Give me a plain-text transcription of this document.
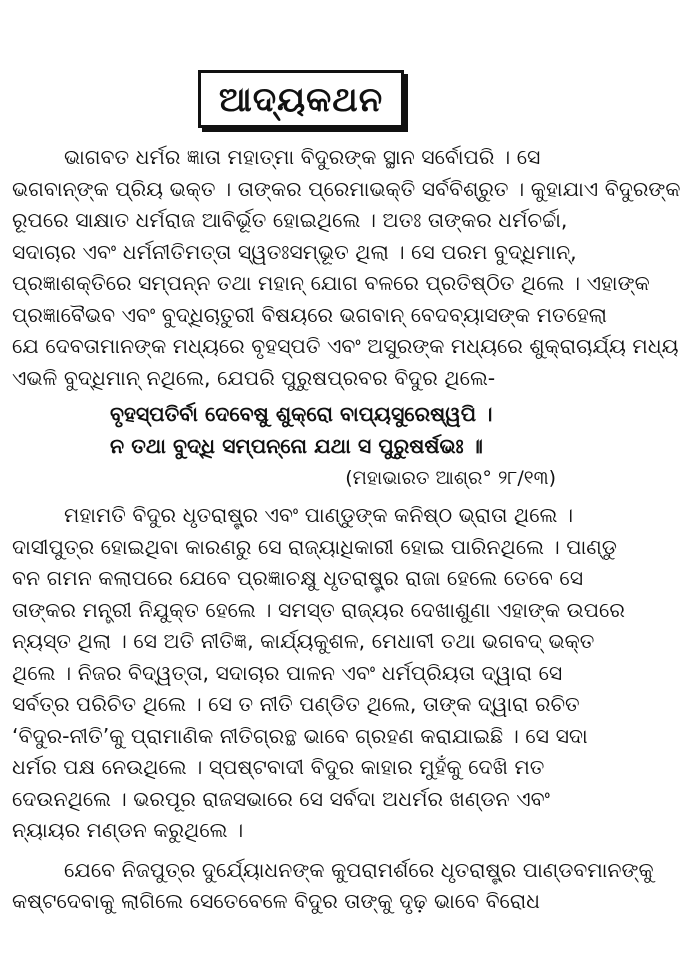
ଆଦ୍ୟକଥନ
ଭାଗବତ ଧର୍ମର ଜ୍ଞାତା ମହାତ୍ମା ବିଦୁରଙ୍କ ସ୍ଥାନ ସର୍ବୋପରି । ସେ
ଭଗବାନ୍ଙ୍କ ପ୍ରିୟ ଭକ୍ତ । ତାଙ୍କର ପ୍ରେମାଭକ୍ତି ସର୍ବବିଶ୍ରୁତ । କୁହାଯାଏ ବିଦୁରଙ୍କ
ରୂପରେ ସାକ୍ଷାତ ଧର୍ମରାଜ ଆବିର୍ଭୂତ ହୋଇଥିଲେ । ଅତଃ ତାଙ୍କର ଧର୍ମଚର୍ଚ୍ଚା,
ସଦାଚାର ଏବଂ ଧର୍ମନୀତିମତ୍ତା ସ୍ୱତଃସମ୍ଭୂତ ଥିଲା । ସେ ପରମ ବୁଦ୍ଧିମାନ୍,
ପ୍ରଜ୍ଞାଶକ୍ତିରେ ସମ୍ପନ୍ନ ତଥା ମହାନ୍ ଯୋଗ ବଳରେ ପ୍ରତିଷ୍ଠିତ ଥିଲେ । ଏହାଙ୍କ
ପ୍ରଜ୍ଞାବୈଭବ ଏବଂ ବୁଦ୍ଧିଚାତୁରୀ ବିଷୟରେ ଭଗବାନ୍ ବେଦବ୍ୟାସଙ୍କ ମତହେଲା
ଯେ ଦେବତାମାନଙ୍କ ମଧ୍ୟରେ ବୃହସ୍ପତି ଏବଂ ଅସୁରଙ୍କ ମଧ୍ୟରେ ଶୁକ୍ରାଚାର୍ଯ୍ୟ ମଧ୍ୟ
ଏଭଳି ବୁଦ୍ଧିମାନ୍ ନଥିଲେ, ଯେପରି ପୁରୁଷପ୍ରବର ବିଦୁର ଥିଲେ-
ବୃହସ୍ପତିର୍ବା ଦେବେଷୁ ଶୁକ୍ରୋ ବାପ୍ୟସୁରେଷ୍ୱପି ।
ନ ତଥା ବୁଦ୍ଧି ସମ୍ପନ୍ନୋ ଯଥା ସ ପୁରୁଷର୍ଷଭଃ ॥
(ମହାଭାରତ ଆଶ୍ର° ୨୮/୧୩)
ମହାମତି ବିଦୁର ଧୃତରାଷ୍ଟ୍ର ଏବଂ ପାଣ୍ଡୁଙ୍କ କନିଷ୍ଠ ଭ୍ରାତା ଥିଲେ ।
ଦାସୀପୁତ୍ର ହୋଇଥିବା କାରଣରୁ ସେ ରାଜ୍ୟାଧିକାରୀ ହୋଇ ପାରିନଥିଲେ । ପାଣ୍ଡୁ
ବନ ଗମନ କଲାପରେ ଯେବେ ପ୍ରଜ୍ଞାଚକ୍ଷୁ ଧୃତରାଷ୍ଟ୍ର ରାଜା ହେଲେ ତେବେ ସେ
ତାଙ୍କର ମନ୍ତ୍ରୀ ନିଯୁକ୍ତ ହେଲେ । ସମସ୍ତ ରାଜ୍ୟର ଦେଖାଶୁଣା ଏହାଙ୍କ ଉପରେ
ନ୍ୟସ୍ତ ଥିଲା । ସେ ଅତି ନୀତିଜ୍ଞ, କାର୍ଯ୍ୟକୁଶଳ, ମେଧାବୀ ତଥା ଭଗବଦ୍ ଭକ୍ତ
ଥିଲେ । ନିଜର ବିଦ୍ୱତ୍ତା, ସଦାଚାର ପାଳନ ଏବଂ ଧର୍ମପ୍ରିୟତା ଦ୍ୱାରା ସେ
ସର୍ବତ୍ର ପରିଚିତ ଥିଲେ । ସେ ତ ନୀତି ପଣ୍ଡିତ ଥିଲେ, ତାଙ୍କ ଦ୍ୱାରା ରଚିତ
‘ବିଦୁର-ନୀତି’କୁ ପ୍ରାମାଣିକ ନୀତିଗ୍ରନ୍ଥ ଭାବେ ଗ୍ରହଣ କରାଯାଇଛି । ସେ ସଦା
ଧର୍ମର ପକ୍ଷ ନେଉଥିଲେ । ସ୍ପଷ୍ଟବାଦୀ ବିଦୁର କାହାର ମୁହଁକୁ ଦେଖି ମତ
ଦେଉନଥିଲେ । ଭରପୂର ରାଜସଭାରେ ସେ ସର୍ବଦା ଅଧର୍ମର ଖଣ୍ଡନ ଏବଂ
ନ୍ୟାୟର ମଣ୍ଡନ କରୁଥିଲେ ।
ଯେବେ ନିଜପୁତ୍ର ଦୁର୍ଯ୍ୟୋଧନଙ୍କ କୁପରାମର୍ଶରେ ଧୃତରାଷ୍ଟ୍ର ପାଣ୍ଡବମାନଙ୍କୁ
କଷ୍ଟଦେବାକୁ ଲାଗିଲେ ସେତେବେଳେ ବିଦୁର ତାଙ୍କୁ ଦୃଢ଼ ଭାବେ ବିରୋଧ
